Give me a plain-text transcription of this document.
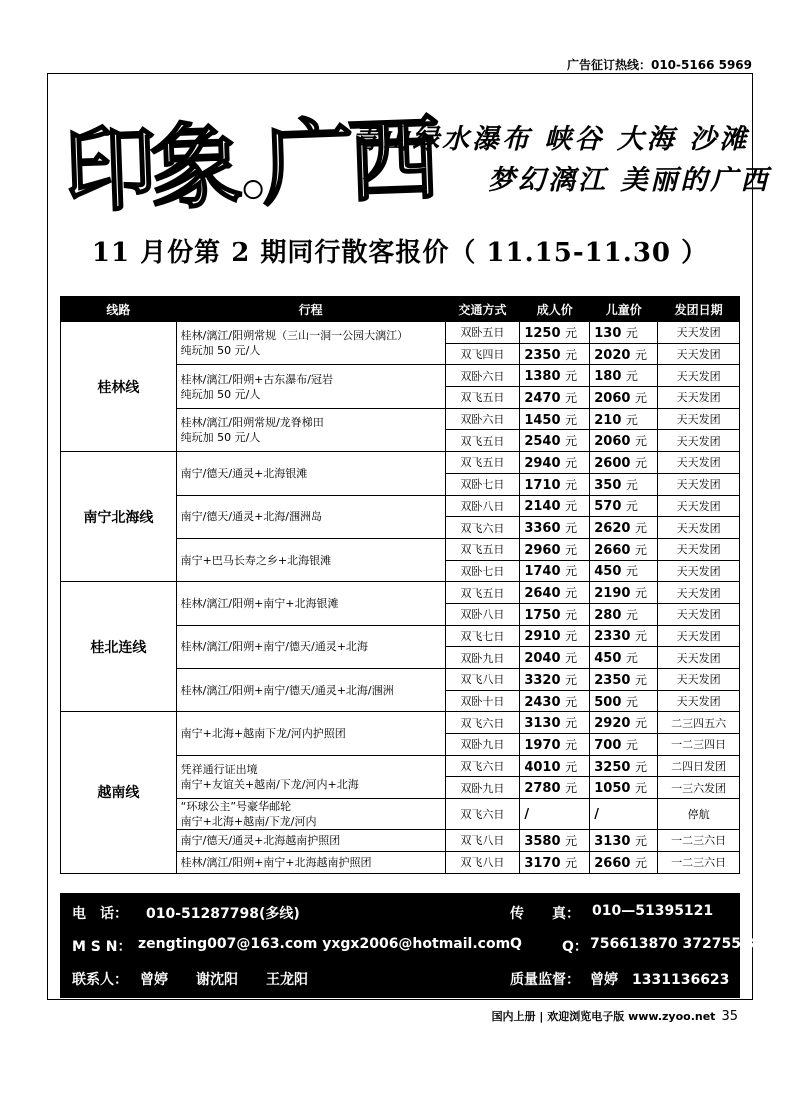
广告征订热线：010-5166 5969
印象.广西
青山绿水瀑布 峡谷 大海 沙滩
梦幻漓江 美丽的广西
11 月份第 2 期同行散客报价（ 11.15-11.30 ）
线路	行程	交通方式	成人价	儿童价	发团日期
桂林线	桂林/漓江/阳朔常规（三山一洞一公园大漓江）
纯玩加 50 元/人	双卧五日	1250 元	130 元	天天发团
		双飞四日	2350 元	2020 元	天天发团

	桂林/漓江/阳朔+古东瀑布/冠岩
纯玩加 50 元/人	双卧六日	1380 元	180 元	天天发团
		双飞五日	2470 元	2060 元	天天发团

	桂林/漓江/阳朔常规/龙脊梯田
纯玩加 50 元/人	双卧六日	1450 元	210 元	天天发团
		双飞五日	2540 元	2060 元	天天发团
南宁北海线	南宁/德天/通灵+北海银滩	双飞五日	2940 元	2600 元	天天发团
		双卧七日	1710 元	350 元	天天发团

	南宁/德天/通灵+北海/涠洲岛	双卧八日	2140 元	570 元	天天发团
		双飞六日	3360 元	2620 元	天天发团

	南宁+巴马长寿之乡+北海银滩	双飞五日	2960 元	2660 元	天天发团
		双卧七日	1740 元	450 元	天天发团
桂北连线	桂林/漓江/阳朔+南宁+北海银滩	双飞五日	2640 元	2190 元	天天发团
		双卧八日	1750 元	280 元	天天发团

	桂林/漓江/阳朔+南宁/德天/通灵+北海	双飞七日	2910 元	2330 元	天天发团
		双卧九日	2040 元	450 元	天天发团

	桂林/漓江/阳朔+南宁/德天/通灵+北海/涠洲	双飞八日	3320 元	2350 元	天天发团
		双卧十日	2430 元	500 元	天天发团
越南线	南宁+北海+越南下龙/河内护照团	双飞六日	3130 元	2920 元	二三四五六
		双卧九日	1970 元	700 元	一二三四日

	凭祥通行证出境
南宁+友谊关+越南/下龙/河内+北海	双飞六日	4010 元	3250 元	二四日发团
		双卧九日	2780 元	1050 元	一三六发团

	“环球公主”号豪华邮轮
南宁+北海+越南/下龙/河内	双飞六日	/	/	停航

	南宁/德天/通灵+北海越南护照团	双飞八日	3580 元	3130 元	一二三六日

	桂林/漓江/阳朔+南宁+北海越南护照团	双飞八日	3170 元	2660 元	一二三六日
电　话： 010-51287798(多线)	传　　真： 010—51395121
M S N： zengting007@163.com yxgx2006@hotmail.com Q	Q： 756613870 372755583
联系人： 曾婷　　谢沈阳　　王龙阳	质量监督： 曾婷　1331136623
国内上册 | 欢迎浏览电子版 www.zyoo.net 35
